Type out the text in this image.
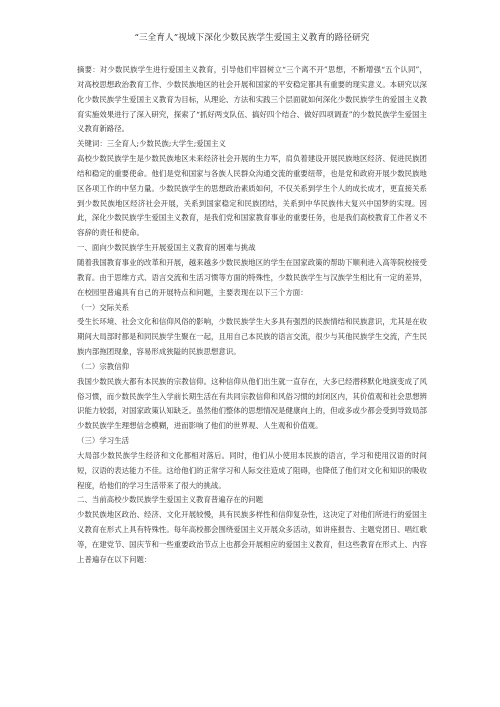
“三全育人”视域下深化少数民族学生爱国主义教育的路径研究

摘要：对少数民族学生进行爱国主义教育，引导他们牢固树立“三个离不开”思想，不断增强“五个认同”，对高校思想政治教育工作、少数民族地区的社会开展和国家的平安稳定都具有重要的现实意义。本研究以深化少数民族学生爱国主义教育为目标，从理论、方法和实践三个层面就如何深化少数民族学生的爱国主义教育实施效果进行了深入研究，探索了“抓好两支队伍、搞好四个结合、做好四项调查”的少数民族学生爱国主义教育新路径。

关键词：三全育人;少数民族;大学生;爱国主义

高校少数民族学生是少数民族地区未来经济社会开展的生力军，肩负着建设开展民族地区经济、促进民族团结和稳定的重要使命。他们是党和国家与各族人民群众沟通交流的重要纽带，也是党和政府开展少数民族地区各项工作的中坚力量。少数民族学生的思想政治素质如何，不仅关系到学生个人的成长成才，更直接关系到少数民族地区经济社会开展，关系到国家稳定和民族团结，关系到中华民族伟大复兴中国梦的实现。因此，深化少数民族学生爱国主义教育，是我们党和国家教育事业的重要任务，也是我们高校教育工作者义不容辞的责任和使命。

一、面向少数民族学生开展爱国主义教育的困难与挑战

随着我国教育事业的改革和开展，越来越多少数民族地区的学生在国家政策的帮助下顺利进入高等院校接受教育。由于思维方式、语言交流和生活习惯等方面的特殊性，少数民族学生与汉族学生相比有一定的差异，在校园里普遍具有自己的开展特点和问题，主要表现在以下三个方面：

（一）交际关系

受生长环境、社会文化和信仰风俗的影响，少数民族学生大多具有强烈的民族情结和民族意识，尤其是在收期间大局部时都是和同民族学生聚在一起，且用自己本民族的语言交流，很少与其他民族学生交流，产生民族内部拖团现象，容易形成狭隘的民族思想意识。

（二）宗教信仰

我国少数民族大都有本民族的宗教信仰。这种信仰从他们出生就一直存在，大多已经潜移默化地演变成了风俗习惯，而少数民族学生入学前长期生活在有共同宗教信仰和风俗习惯的封闭区内，其价值观和社会思想辨识能力较弱，对国家政策认知缺乏。虽然他们整体的思想情况是健康向上的，但或多或少都会受到导致局部少数民族学生理想信念模糊，进而影响了他们的世界观、人生观和价值观。

（三）学习生活

大局部少数民族学生经济和文化都相对落后。同时，他们从小使用本民族的语言，学习和使用汉语的时间短，汉语的表达能力不佳。这给他们的正常学习和人际交往造成了阻碍，也降低了他们对文化和知识的吸收程度，给他们的学习生活带来了很大的挑战。

二、当前高校少数民族学生爱国主义教育普遍存在的问题

少数民族地区政治、经济、文化开展较慢，具有民族多样性和信仰复杂性，这决定了对他们所进行的爱国主义教育在形式上具有特殊性。每年高校都会围绕爱国主义开展众多活动，如讲座报告、主题党团日、唱红歌等，在建党节、国庆节和一些重要政治节点上也都会开展相应的爱国主义教育，但这些教育在形式上、内容上普遍存在以下问题：
